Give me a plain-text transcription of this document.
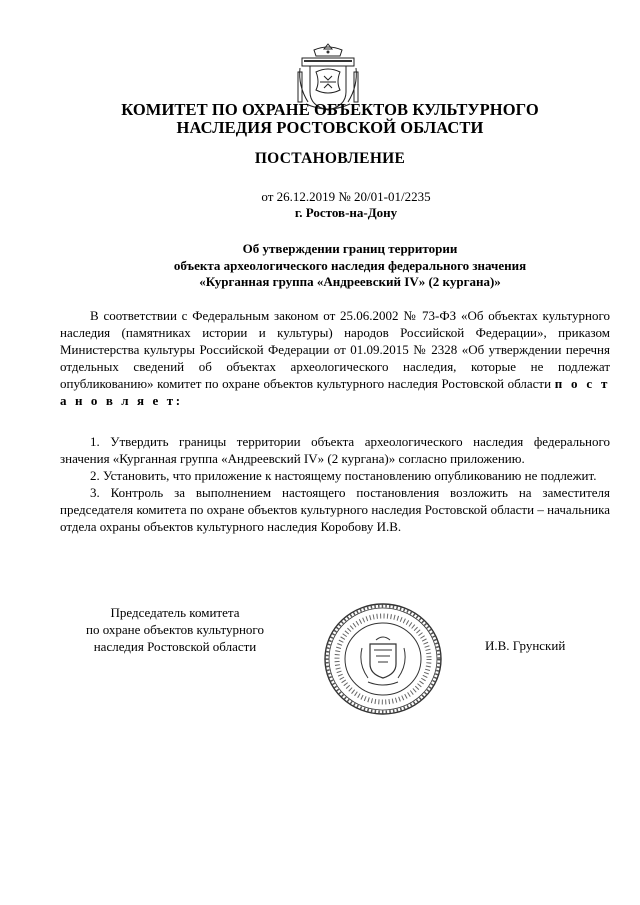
КОМИТЕТ ПО ОХРАНЕ ОБЪЕКТОВ КУЛЬТУРНОГО
НАСЛЕДИЯ РОСТОВСКОЙ ОБЛАСТИ
ПОСТАНОВЛЕНИЕ
от 26.12.2019 № 20/01-01/2235
г. Ростов-на-Дону
Об утверждении границ территории
объекта археологического наследия федерального значения
«Курганная группа «Андреевский IV» (2 кургана)»
В соответствии с Федеральным законом от 25.06.2002 № 73-ФЗ «Об объектах культурного наследия (памятниках истории и культуры) народов Российской Федерации», приказом Министерства культуры Российской Федерации от 01.09.2015 № 2328 «Об утверждении перечня отдельных сведений об объектах археологического наследия, которые не подлежат опубликованию» комитет по охране объектов культурного наследия Ростовской области п о с т а н о в л я е т:

1. Утвердить границы территории объекта археологического наследия федерального значения «Курганная группа «Андреевский IV» (2 кургана)» согласно приложению.

2. Установить, что приложение к настоящему постановлению опубликованию не подлежит.

3. Контроль за выполнением настоящего постановления возложить на заместителя председателя комитета по охране объектов культурного наследия Ростовской области – начальника отдела охраны объектов культурного наследия Коробову И.В.

Председатель комитета
по охране объектов культурного
наследия Ростовской области	И.В. Грунский
